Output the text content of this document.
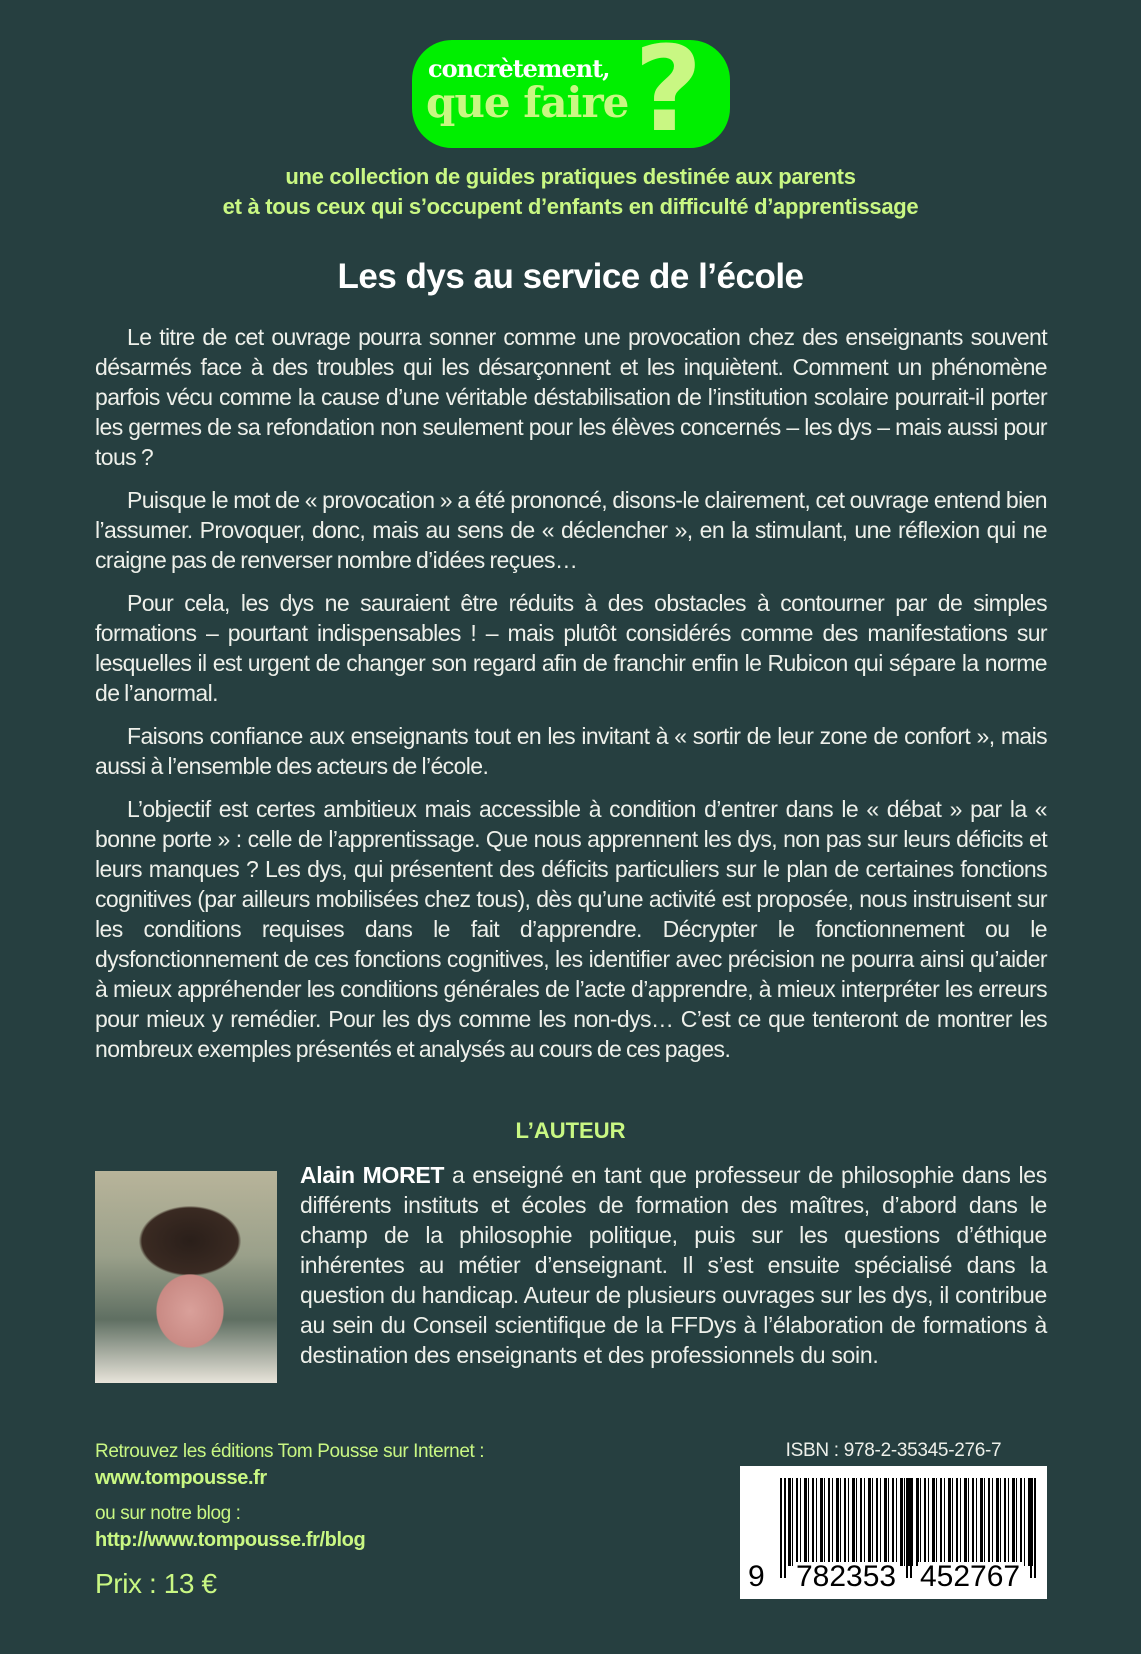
concrètement,
que faire ?
une collection de guides pratiques destinée aux parents
et à tous ceux qui s’occupent d’enfants en difficulté d’apprentissage
Les dys au service de l’école

Le titre de cet ouvrage pourra sonner comme une provocation chez des enseignants souvent désarmés face à des troubles qui les désarçonnent et les inquiètent. Comment un phénomène parfois vécu comme la cause d’une véritable déstabilisation de l’institution scolaire pourrait-il porter les germes de sa refondation non seulement pour les élèves concernés – les dys – mais aussi pour tous ?

Puisque le mot de « provocation » a été prononcé, disons-le clairement, cet ouvrage entend bien l’assumer. Provoquer, donc, mais au sens de « déclencher », en la stimulant, une réflexion qui ne craigne pas de renverser nombre d’idées reçues…

Pour cela, les dys ne sauraient être réduits à des obstacles à contourner par de simples formations – pourtant indispensables ! – mais plutôt considérés comme des manifestations sur lesquelles il est urgent de changer son regard afin de franchir enfin le Rubicon qui sépare la norme de l’anormal.

Faisons confiance aux enseignants tout en les invitant à « sortir de leur zone de confort », mais aussi à l’ensemble des acteurs de l’école.

L’objectif est certes ambitieux mais accessible à condition d’entrer dans le « débat » par la « bonne porte » : celle de l’apprentissage. Que nous apprennent les dys, non pas sur leurs déficits et leurs manques ? Les dys, qui présentent des déficits particuliers sur le plan de certaines fonctions cognitives (par ailleurs mobilisées chez tous), dès qu’une activité est proposée, nous instruisent sur les conditions requises dans le fait d’apprendre. Décrypter le fonctionnement ou le dysfonctionnement de ces fonctions cognitives, les identifier avec précision ne pourra ainsi qu’aider à mieux appréhender les conditions générales de l’acte d’apprendre, à mieux interpréter les erreurs pour mieux y remédier. Pour les dys comme les non-dys… C’est ce que tenteront de montrer les nombreux exemples présentés et analysés au cours de ces pages.

L’AUTEUR
Alain MORET a enseigné en tant que professeur de philosophie dans les différents instituts et écoles de formation des maîtres, d’abord dans le champ de la philosophie politique, puis sur les questions d’éthique inhérentes au métier d’enseignant. Il s’est ensuite spécialisé dans la question du handicap. Auteur de plusieurs ouvrages sur les dys, il contribue au sein du Conseil scientifique de la FFDys à l’élaboration de formations à destination des enseignants et des professionnels du soin.
Retrouvez les éditions Tom Pousse sur Internet :
www.tompousse.fr
ou sur notre blog :
http://www.tompousse.fr/blog
Prix : 13 €
ISBN : 978-2-35345-276-7
9 782353 452767
